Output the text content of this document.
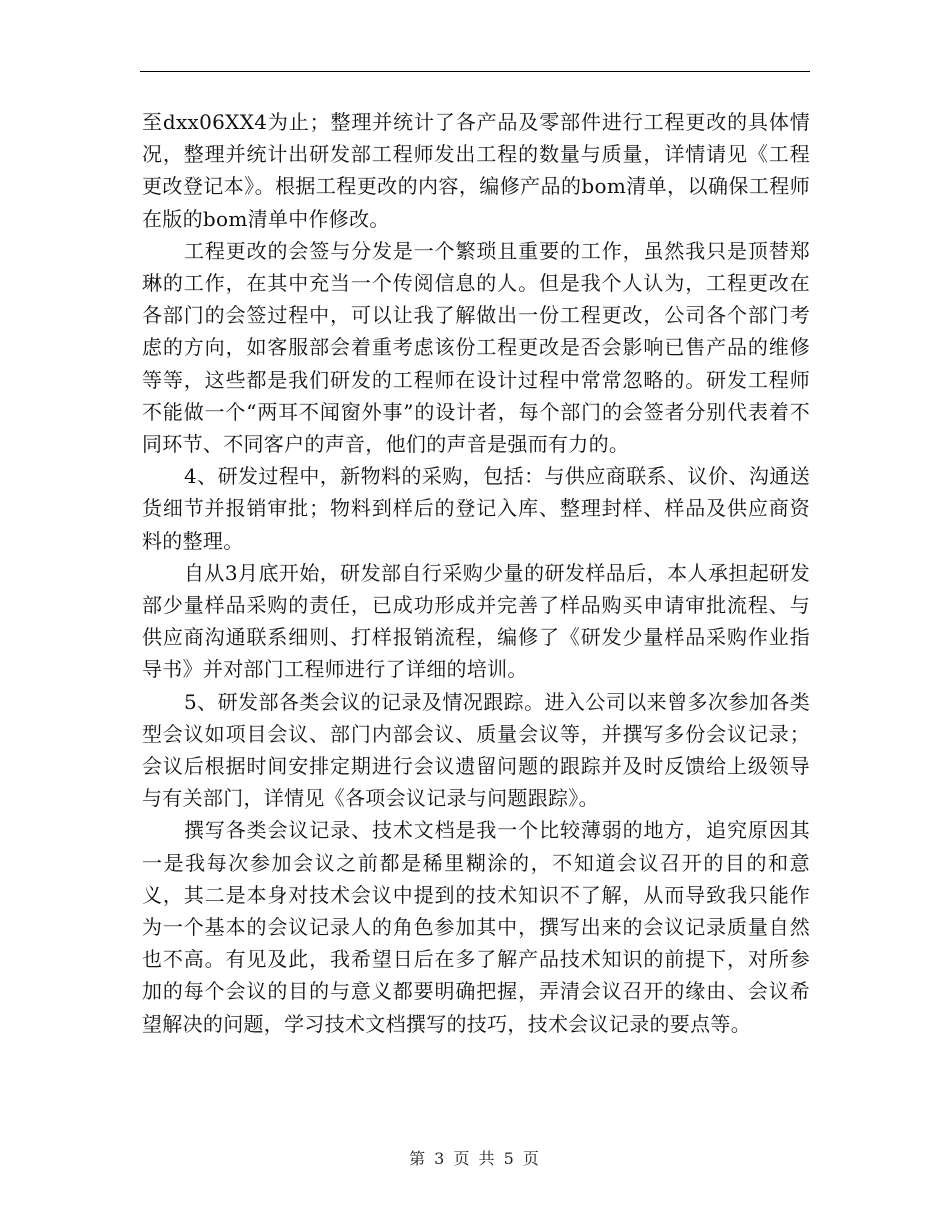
至dxx06XX4为止；整理并统计了各产品及零部件进行工程更改的具体情况，整理并统计出研发部工程师发出工程的数量与质量，详情请见《工程更改登记本》。根据工程更改的内容，编修产品的bom清单，以确保工程师在版的bom清单中作修改。

工程更改的会签与分发是一个繁琐且重要的工作，虽然我只是顶替郑琳的工作，在其中充当一个传阅信息的人。但是我个人认为，工程更改在各部门的会签过程中，可以让我了解做出一份工程更改，公司各个部门考虑的方向，如客服部会着重考虑该份工程更改是否会影响已售产品的维修等等，这些都是我们研发的工程师在设计过程中常常忽略的。研发工程师不能做一个“两耳不闻窗外事”的设计者，每个部门的会签者分别代表着不同环节、不同客户的声音，他们的声音是强而有力的。

4、研发过程中，新物料的采购，包括：与供应商联系、议价、沟通送货细节并报销审批；物料到样后的登记入库、整理封样、样品及供应商资料的整理。

自从3月底开始，研发部自行采购少量的研发样品后，本人承担起研发部少量样品采购的责任，已成功形成并完善了样品购买申请审批流程、与供应商沟通联系细则、打样报销流程，编修了《研发少量样品采购作业指导书》并对部门工程师进行了详细的培训。

5、研发部各类会议的记录及情况跟踪。进入公司以来曾多次参加各类型会议如项目会议、部门内部会议、质量会议等，并撰写多份会议记录；会议后根据时间安排定期进行会议遗留问题的跟踪并及时反馈给上级领导与有关部门，详情见《各项会议记录与问题跟踪》。

撰写各类会议记录、技术文档是我一个比较薄弱的地方，追究原因其一是我每次参加会议之前都是稀里糊涂的，不知道会议召开的目的和意义，其二是本身对技术会议中提到的技术知识不了解，从而导致我只能作为一个基本的会议记录人的角色参加其中，撰写出来的会议记录质量自然也不高。有见及此，我希望日后在多了解产品技术知识的前提下，对所参加的每个会议的目的与意义都要明确把握，弄清会议召开的缘由、会议希望解决的问题，学习技术文档撰写的技巧，技术会议记录的要点等。

第 3 页 共 5 页
